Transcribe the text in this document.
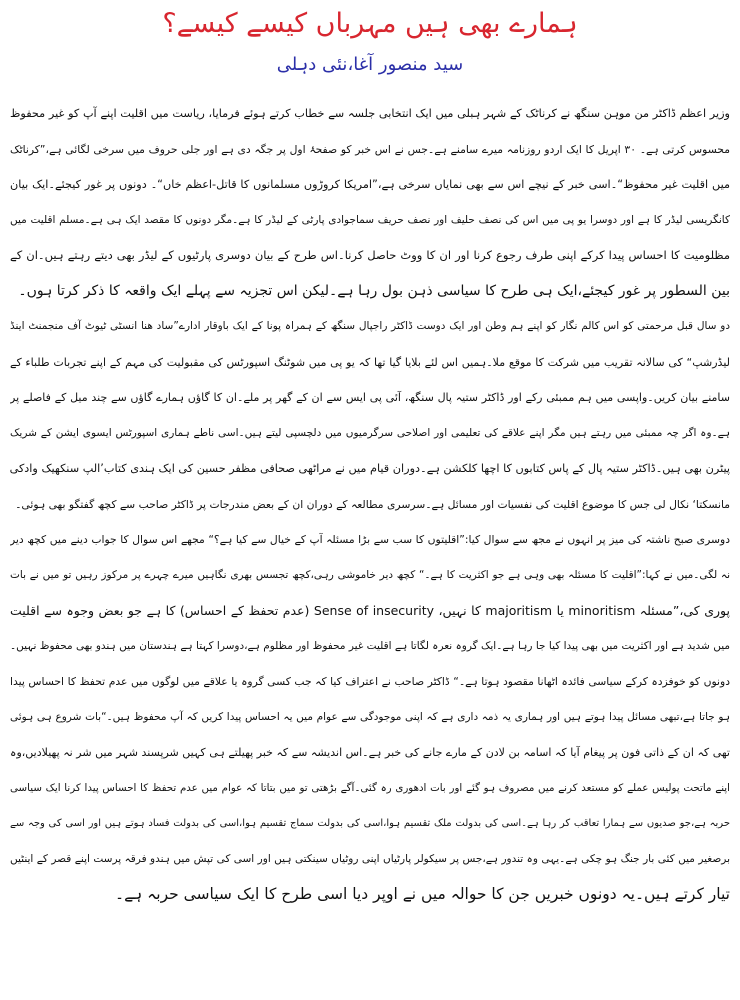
ہمارے بھی ہیں مہرباں کیسے کیسے؟
سید منصور آغا،نئی دہلی
وزیر اعظم ڈاکٹر من موہن سنگھ نے کرناٹک کے شہر ہبلی میں ایک انتخابی جلسہ سے خطاب کرتے ہوئے فرمایا، ریاست میں اقلیت اپنے آپ کو غیر محفوظ
محسوس کرتی ہے۔ ۳۰ اپریل کا ایک اردو روزنامہ میرے سامنے ہے۔جس نے اس خبر کو صفحۂ اول پر جگہ دی ہے اور جلی حروف میں سرخی لگائی ہے،”کرناٹک
میں اقلیت غیر محفوظ“۔اسی خبر کے نیچے اس سے بھی نمایاں سرخی ہے،”امریکا کروڑوں مسلمانوں کا قاتل-اعظم خاں“۔ دونوں پر غور کیجئے۔ایک بیان
کانگریسی لیڈر کا ہے اور دوسرا یو پی میں اس کی نصف حلیف اور نصف حریف سماجوادی پارٹی کے لیڈر کا ہے۔مگر دونوں کا مقصد ایک ہی ہے۔مسلم اقلیت میں
مظلومیت کا احساس پیدا کرکے اپنی طرف رجوع کرنا اور ان کا ووٹ حاصل کرنا۔اس طرح کے بیان دوسری پارٹیوں کے لیڈر بھی دیتے رہتے ہیں۔ان کے
بین السطور پر غور کیجئے،ایک ہی طرح کا سیاسی ذہن بول رہا ہے۔لیکن اس تجزیہ سے پہلے ایک واقعہ کا ذکر کرتا ہوں۔
دو سال قبل مرحمتی کو اس کالم نگار کو اپنے ہم وطن اور ایک دوست ڈاکٹر راجپال سنگھ کے ہمراہ پونا کے ایک باوقار ادارے”ساد ھنا انسٹی ٹیوٹ آف منجمنٹ اینڈ
لیڈرشپ“ کی سالانہ تقریب میں شرکت کا موقع ملا۔ہمیں اس لئے بلایا گیا تھا کہ یو پی میں شوٹنگ اسپورٹس کی مقبولیت کی مہم کے اپنے تجربات طلباء کے
سامنے بیان کریں۔واپسی میں ہم ممبئی رکے اور ڈاکٹر ستیہ پال سنگھ، آئی پی ایس سے ان کے گھر پر ملے۔ان کا گاؤں ہمارے گاؤں سے چند میل کے فاصلے پر
ہے۔وہ اگر چہ ممبئی میں رہتے ہیں مگر اپنے علاقے کی تعلیمی اور اصلاحی سرگرمیوں میں دلچسپی لیتے ہیں۔اسی ناطے ہماری اسپورٹس ایسوی ایشن کے شریک
پیٹرن بھی ہیں۔ڈاکٹر ستیہ پال کے پاس کتابوں کا اچھا کلکشن ہے۔دوران قیام میں نے مراٹھی صحافی مظفر حسین کی ایک ہندی کتاب’الپ سنکھیک وادکی
مانسکتا‘ نکال لی جس کا موضوع اقلیت کی نفسیات اور مسائل ہے۔سرسری مطالعہ کے دوران ان کے بعض مندرجات پر ڈاکٹر صاحب سے کچھ گفتگو بھی ہوئی۔
دوسری صبح ناشتہ کی میز پر انہوں نے مجھ سے سوال کیا:”اقلیتوں کا سب سے بڑا مسئلہ آپ کے خیال سے کیا ہے؟“ مجھے اس سوال کا جواب دینے میں کچھ دیر
نہ لگی۔میں نے کہا:”اقلیت کا مسئلہ بھی وہی ہے جو اکثریت کا ہے۔“ کچھ دیر خاموشی رہی،کچھ تجسس بھری نگاہیں میرے چہرے پر مرکوز رہیں تو میں نے بات
پوری کی،”مسئلہ minoritism یا majoritism کا نہیں، Sense of insecurity (عدم تحفظ کے احساس) کا ہے جو بعض وجوہ سے اقلیت
میں شدید ہے اور اکثریت میں بھی پیدا کیا جا رہا ہے۔ایک گروہ نعرہ لگاتا ہے اقلیت غیر محفوظ اور مظلوم ہے،دوسرا کہتا ہے ہندستان میں ہندو بھی محفوظ نہیں۔
دونوں کو خوفزدہ کرکے سیاسی فائدہ اٹھانا مقصود ہوتا ہے۔“ ڈاکٹر صاحب نے اعتراف کیا کہ جب کسی گروہ یا علاقے میں لوگوں میں عدم تحفظ کا احساس پیدا
ہو جاتا ہے،تبھی مسائل پیدا ہوتے ہیں اور ہماری یہ ذمہ داری ہے کہ اپنی موجودگی سے عوام میں یہ احساس پیدا کریں کہ آپ محفوظ ہیں۔“بات شروع ہی ہوئی
تھی کہ ان کے ذاتی فون پر پیغام آیا کہ اسامہ بن لادن کے مارے جانے کی خبر ہے۔اس اندیشہ سے کہ خبر پھیلتے ہی کہیں شرپسند شہر میں شر نہ پھیلادیں،وہ
اپنے ماتحت پولیس عملے کو مستعد کرنے میں مصروف ہو گئے اور بات ادھوری رہ گئی۔آگے بڑھتی تو میں بتاتا کہ عوام میں عدم تحفظ کا احساس پیدا کرنا ایک سیاسی
حربہ ہے،جو صدیوں سے ہمارا تعاقب کر رہا ہے۔اسی کی بدولت ملک تقسیم ہوا،اسی کی بدولت سماج تقسیم ہوا،اسی کی بدولت فساد ہوتے ہیں اور اسی کی وجہ سے
برصغیر میں کئی بار جنگ ہو چکی ہے۔یہی وہ تندور ہے،جس پر سیکولر پارٹیاں اپنی روٹیاں سینکتی ہیں اور اسی کی تپش میں ہندو فرقہ پرست اپنے قصر کے اینٹیں
تیار کرتے ہیں۔یہ دونوں خبریں جن کا حوالہ میں نے اوپر دیا اسی طرح کا ایک سیاسی حربہ ہے۔
